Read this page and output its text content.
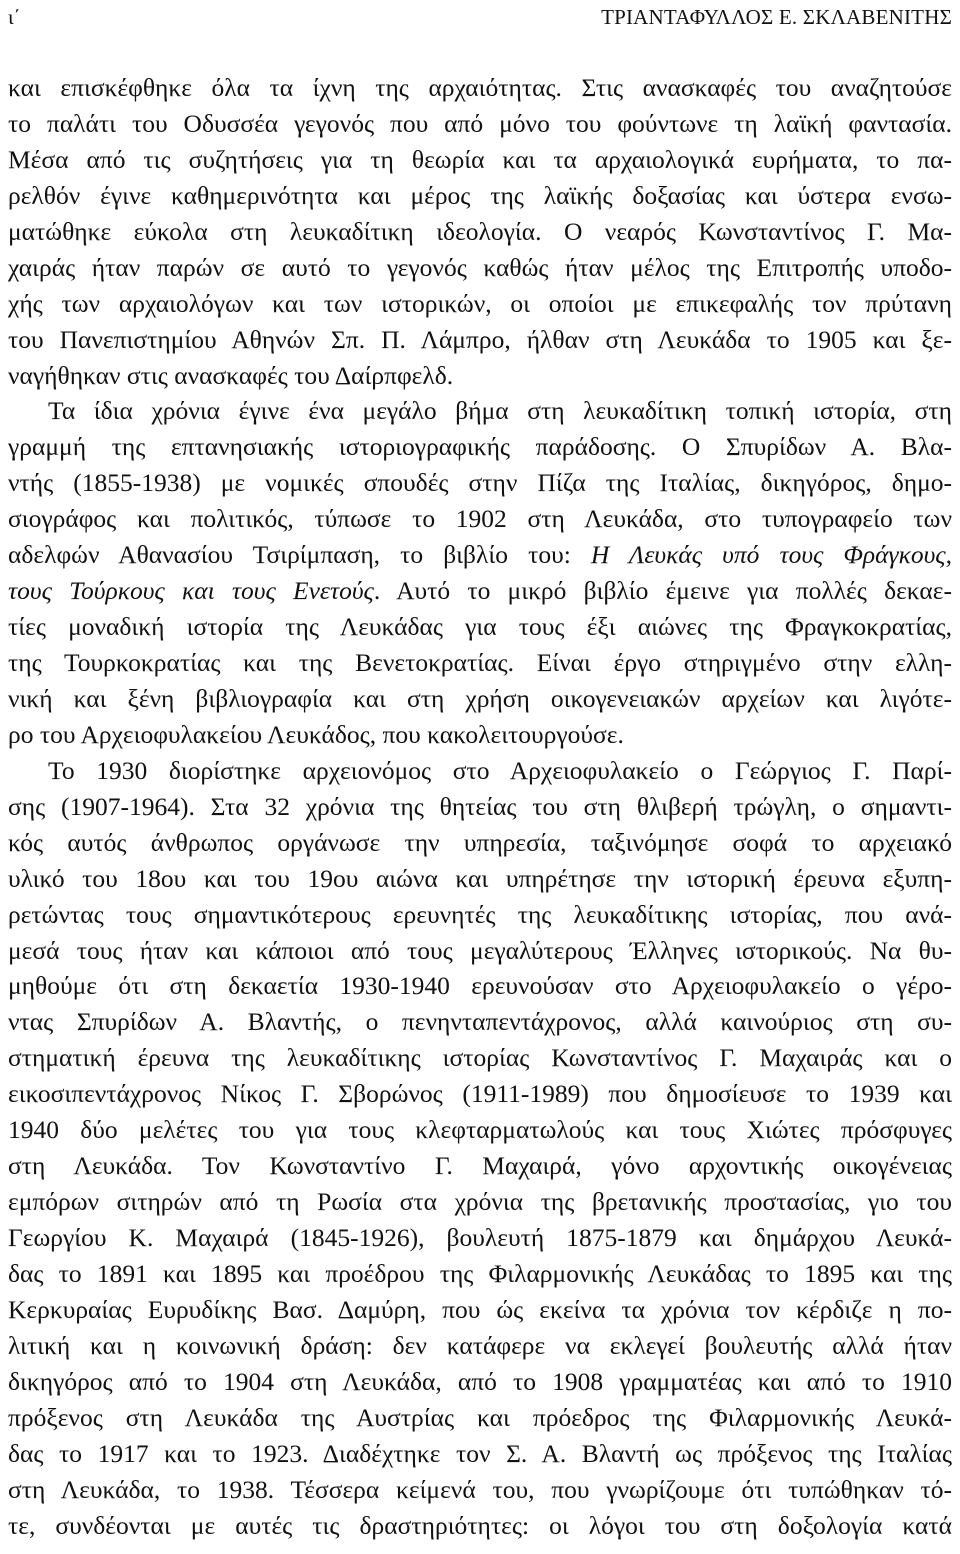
ι΄	ΤΡΙΑΝΤΑΦΥΛΛΟΣ Ε. ΣΚΛΑΒΕΝΙΤΗΣ
και επισκέφθηκε όλα τα ίχνη της αρχαιότητας. Στις ανασκαφές του αναζητούσε
το παλάτι του Οδυσσέα γεγονός που από μόνο του φούντωνε τη λαϊκή φαντασία.
Μέσα από τις συζητήσεις για τη θεωρία και τα αρχαιολογικά ευρήματα, το πα-
ρελθόν έγινε καθημερινότητα και μέρος της λαϊκής δοξασίας και ύστερα ενσω-
ματώθηκε εύκολα στη λευκαδίτικη ιδεολογία. Ο νεαρός Κωνσταντίνος Γ. Μα-
χαιράς ήταν παρών σε αυτό το γεγονός καθώς ήταν μέλος της Επιτροπής υποδο-
χής των αρχαιολόγων και των ιστορικών, οι οποίοι με επικεφαλής τον πρύτανη
του Πανεπιστημίου Αθηνών Σπ. Π. Λάμπρο, ήλθαν στη Λευκάδα το 1905 και ξε-
ναγήθηκαν στις ανασκαφές του Δαίρπφελδ.
Τα ίδια χρόνια έγινε ένα μεγάλο βήμα στη λευκαδίτικη τοπική ιστορία, στη
γραμμή της επτανησιακής ιστοριογραφικής παράδοσης. Ο Σπυρίδων Α. Βλα-
ντής (1855-1938) με νομικές σπουδές στην Πίζα της Ιταλίας, δικηγόρος, δημο-
σιογράφος και πολιτικός, τύπωσε το 1902 στη Λευκάδα, στο τυπογραφείο των
αδελφών Αθανασίου Τσιρίμπαση, το βιβλίο του: Η Λευκάς υπό τους Φράγκους,
τους Τούρκους και τους Ενετούς. Αυτό το μικρό βιβλίο έμεινε για πολλές δεκαε-
τίες μοναδική ιστορία της Λευκάδας για τους έξι αιώνες της Φραγκοκρατίας,
της Τουρκοκρατίας και της Βενετοκρατίας. Είναι έργο στηριγμένο στην ελλη-
νική και ξένη βιβλιογραφία και στη χρήση οικογενειακών αρχείων και λιγότε-
ρο του Αρχειοφυλακείου Λευκάδος, που κακολειτουργούσε.
Το 1930 διορίστηκε αρχειονόμος στο Αρχειοφυλακείο ο Γεώργιος Γ. Παρί-
σης (1907-1964). Στα 32 χρόνια της θητείας του στη θλιβερή τρώγλη, ο σημαντι-
κός αυτός άνθρωπος οργάνωσε την υπηρεσία, ταξινόμησε σοφά το αρχειακό
υλικό του 18ου και του 19ου αιώνα και υπηρέτησε την ιστορική έρευνα εξυπη-
ρετώντας τους σημαντικότερους ερευνητές της λευκαδίτικης ιστορίας, που ανά-
μεσά τους ήταν και κάποιοι από τους μεγαλύτερους Έλληνες ιστορικούς. Να θυ-
μηθούμε ότι στη δεκαετία 1930-1940 ερευνούσαν στο Αρχειοφυλακείο ο γέρο-
ντας Σπυρίδων Α. Βλαντής, ο πενηνταπεντάχρονος, αλλά καινούριος στη συ-
στηματική έρευνα της λευκαδίτικης ιστορίας Κωνσταντίνος Γ. Μαχαιράς και ο
εικοσιπεντάχρονος Νίκος Γ. Σβορώνος (1911-1989) που δημοσίευσε το 1939 και
1940 δύο μελέτες του για τους κλεφταρματωλούς και τους Χιώτες πρόσφυγες
στη Λευκάδα. Τον Κωνσταντίνο Γ. Μαχαιρά, γόνο αρχοντικής οικογένειας
εμπόρων σιτηρών από τη Ρωσία στα χρόνια της βρετανικής προστασίας, γιο του
Γεωργίου Κ. Μαχαιρά (1845-1926), βουλευτή 1875-1879 και δημάρχου Λευκά-
δας το 1891 και 1895 και προέδρου της Φιλαρμονικής Λευκάδας το 1895 και της
Κερκυραίας Ευρυδίκης Βασ. Δαμύρη, που ώς εκείνα τα χρόνια τον κέρδιζε η πο-
λιτική και η κοινωνική δράση: δεν κατάφερε να εκλεγεί βουλευτής αλλά ήταν
δικηγόρος από το 1904 στη Λευκάδα, από το 1908 γραμματέας και από το 1910
πρόξενος στη Λευκάδα της Αυστρίας και πρόεδρος της Φιλαρμονικής Λευκά-
δας το 1917 και το 1923. Διαδέχτηκε τον Σ. Α. Βλαντή ως πρόξενος της Ιταλίας
στη Λευκάδα, το 1938. Τέσσερα κείμενά του, που γνωρίζουμε ότι τυπώθηκαν τό-
τε, συνδέονται με αυτές τις δραστηριότητες: οι λόγοι του στη δοξολογία κατά
